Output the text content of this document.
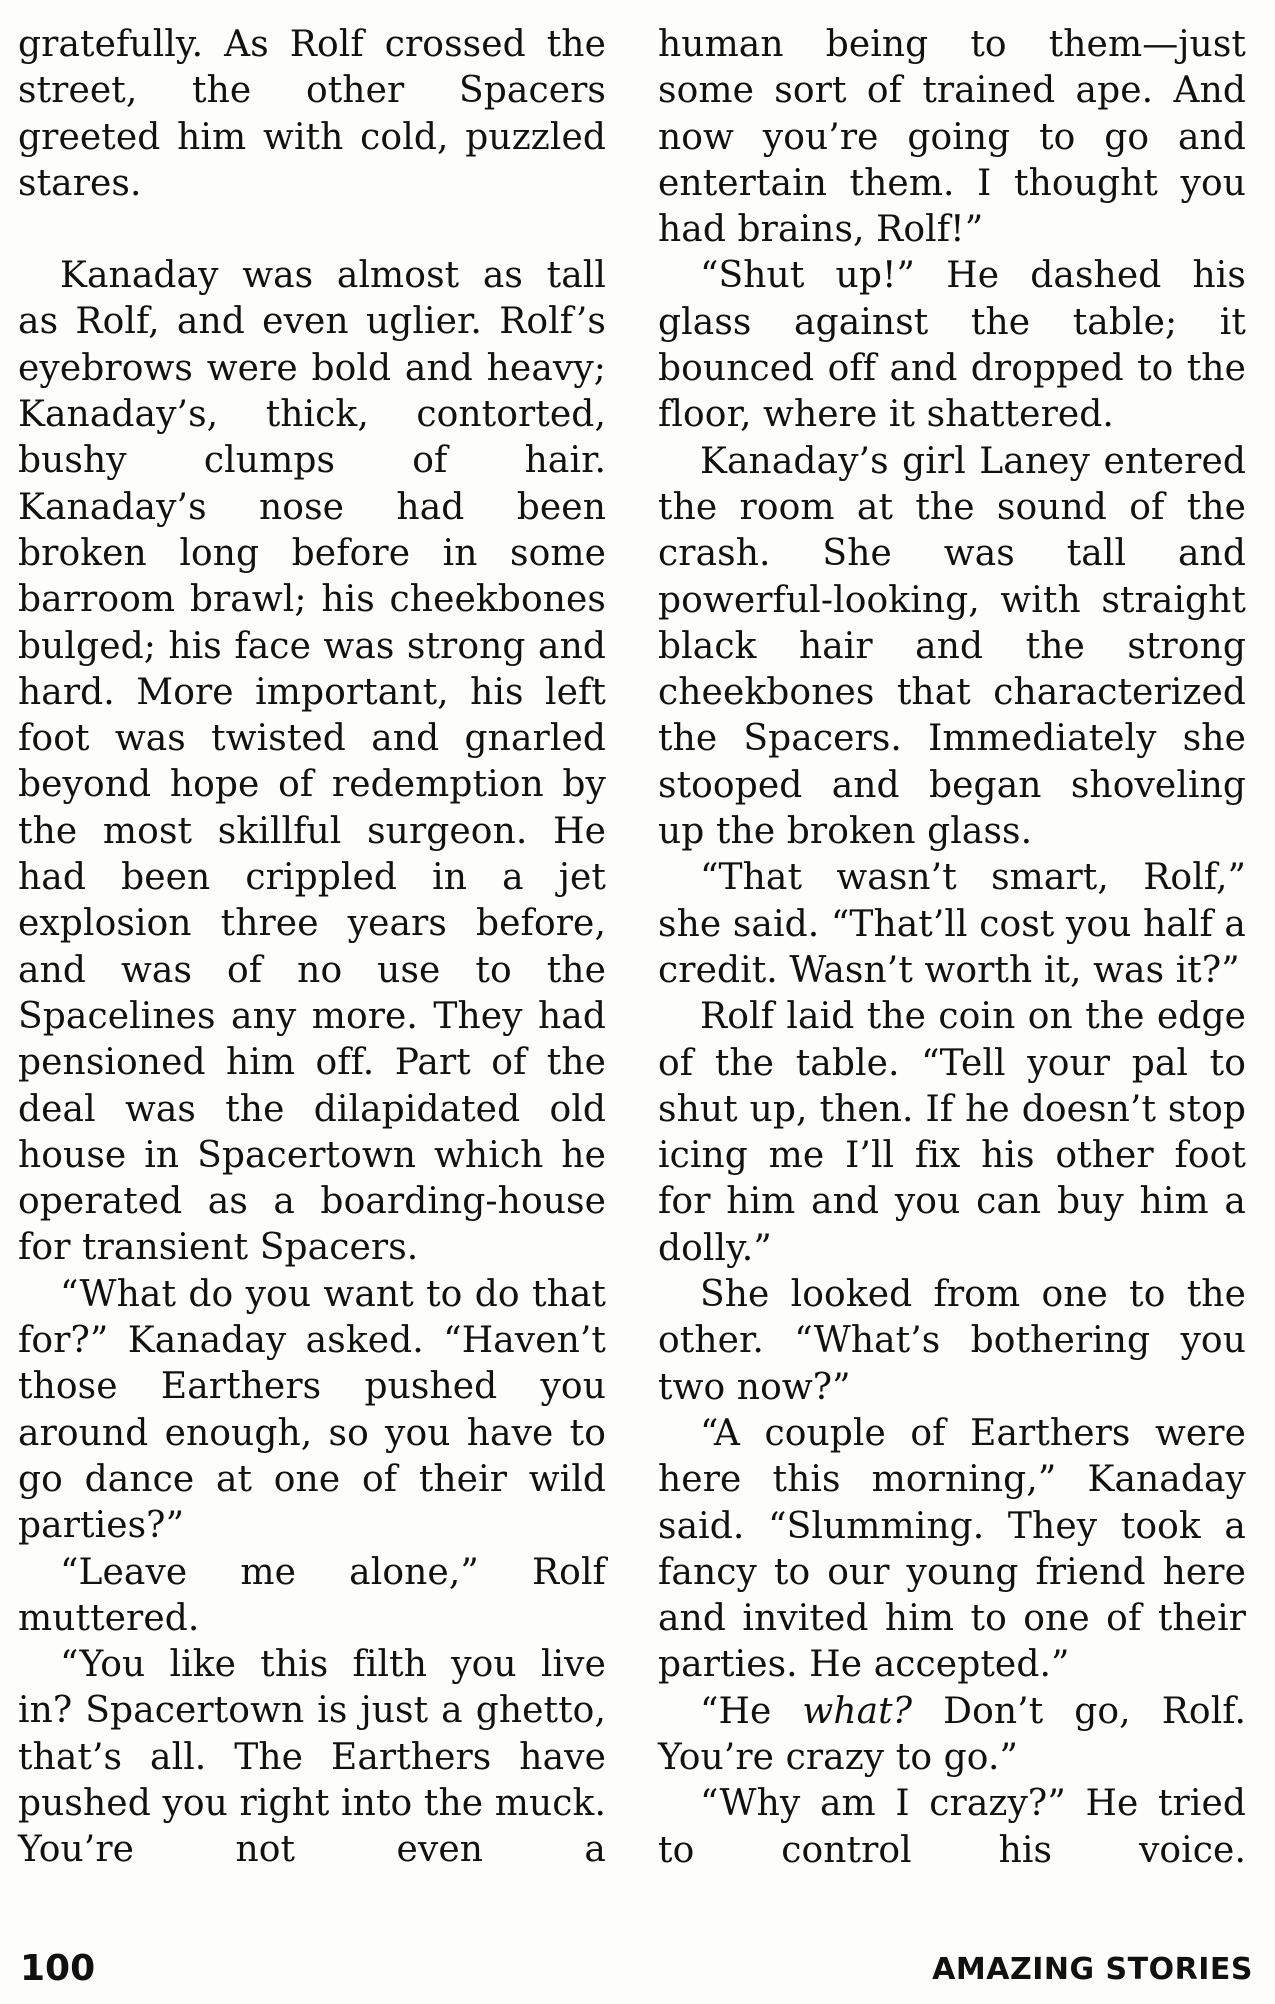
gratefully. As Rolf crossed the street, the other Spacers greeted him with cold, puzzled stares.

Kanaday was almost as tall as Rolf, and even uglier. Rolf’s eyebrows were bold and heavy; Kanaday’s, thick, contorted, bushy clumps of hair. Kanaday’s nose had been broken long before in some barroom brawl; his cheekbones bulged; his face was strong and hard. More important, his left foot was twisted and gnarled beyond hope of redemption by the most skillful surgeon. He had been crippled in a jet explosion three years before, and was of no use to the Spacelines any more. They had pensioned him off. Part of the deal was the dilapidated old house in Spacertown which he operated as a boarding-house for transient Spacers.

“What do you want to do that for?” Kanaday asked. “Haven’t those Earthers pushed you around enough, so you have to go dance at one of their wild parties?”

“Leave me alone,” Rolf muttered.

“You like this filth you live in? Spacertown is just a ghetto, that’s all. The Earthers have pushed you right into the muck. You’re not even a

human being to them—just some sort of trained ape. And now you’re going to go and entertain them. I thought you had brains, Rolf!”

“Shut up!” He dashed his glass against the table; it bounced off and dropped to the floor, where it shattered.

Kanaday’s girl Laney entered the room at the sound of the crash. She was tall and powerful-looking, with straight black hair and the strong cheekbones that characterized the Spacers. Immediately she stooped and began shoveling up the broken glass.

“That wasn’t smart, Rolf,” she said. “That’ll cost you half a credit. Wasn’t worth it, was it?”

Rolf laid the coin on the edge of the table. “Tell your pal to shut up, then. If he doesn’t stop icing me I’ll fix his other foot for him and you can buy him a dolly.”

She looked from one to the other. “What’s bothering you two now?”

“A couple of Earthers were here this morning,” Kanaday said. “Slumming. They took a fancy to our young friend here and invited him to one of their parties. He accepted.”

“He what? Don’t go, Rolf. You’re crazy to go.”

“Why am I crazy?” He tried to control his voice.

100	AMAZING STORIES
